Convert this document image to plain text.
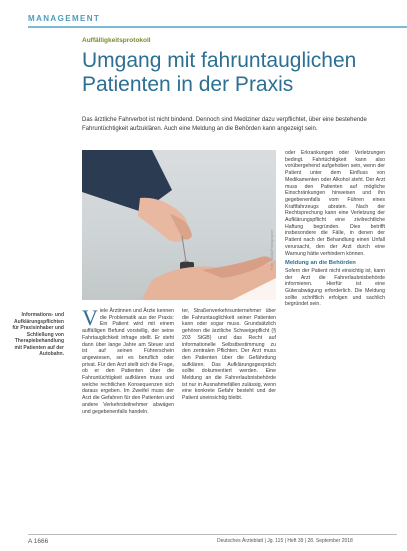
MANAGEMENT
Auffälligkeitsprotokoll
Umgang mit fahruntauglichen
Patienten in der Praxis
Das ärztliche Fahrverbot ist nicht bindend. Dennoch sind Mediziner dazu verpflichtet, über eine bestehende Fahruntüchtigkeit aufzuklären. Auch eine Meldung an die Behörden kann angezeigt sein.
Foto: fotolia/Photographer
Informations- und Aufklärungspflichten für Praxisinhaber und Schließung von Therapiebehandlung mit Patienten auf der Autobahn.

V iele Ärztinnen und Ärzte kennen die Problematik aus der Praxis: Ein Patient wird mit einem auffälligen Befund vorstellig, der seine Fahrtauglichkeit infrage stellt. Er steht dann über lange Jahre am Steuer und ist auf seinen Führerschein angewiesen, sei es beruflich oder privat. Für den Arzt stellt sich die Frage, ob er den Patienten über die Fahruntüchtigkeit aufklären muss und welche rechtlichen Konsequenzen sich daraus ergeben. Im Zweifel muss der Arzt die Gefahren für den Patienten und andere Verkehrsteilnehmer abwägen und gegebenenfalls handeln.

ter, Straßenverkehrsunternehmer über die Fahruntauglichkeit seiner Patienten kann oder sogar muss. Grundsätzlich gehören die ärztliche Schweigepflicht (§ 203 StGB) und das Recht auf informationelle Selbstbestimmung zu den zentralen Pflichten. Der Arzt muss den Patienten über die Gefährdung aufklären. Das Aufklärungsgespräch sollte dokumentiert werden. Eine Meldung an die Fahrerlaubnisbehörde ist nur in Ausnahmefällen zulässig, wenn eine konkrete Gefahr besteht und der Patient uneinsichtig bleibt.

oder Erkrankungen oder Verletzungen bedingt. Fahrtüchtigkeit kann also vorübergehend aufgehoben sein, wenn der Patient unter dem Einfluss von Medikamenten oder Alkohol steht. Der Arzt muss den Patienten auf mögliche Einschränkungen hinweisen und ihn gegebenenfalls vom Führen eines Kraftfahrzeugs abraten. Nach der Rechtsprechung kann eine Verletzung der Aufklärungspflicht eine zivilrechtliche Haftung begründen. Dies betrifft insbesondere die Fälle, in denen der Patient nach der Behandlung einen Unfall verursacht, den der Arzt durch eine Warnung hätte verhindern können.

Meldung an die Behörden

Sofern der Patient nicht einsichtig ist, kann der Arzt die Fahrerlaubnisbehörde informieren. Hierfür ist eine Güterabwägung erforderlich. Die Meldung sollte schriftlich erfolgen und sachlich begründet sein.

A 1666	Deutsches Ärzteblatt | Jg. 115 | Heft 39 | 28. September 2018
